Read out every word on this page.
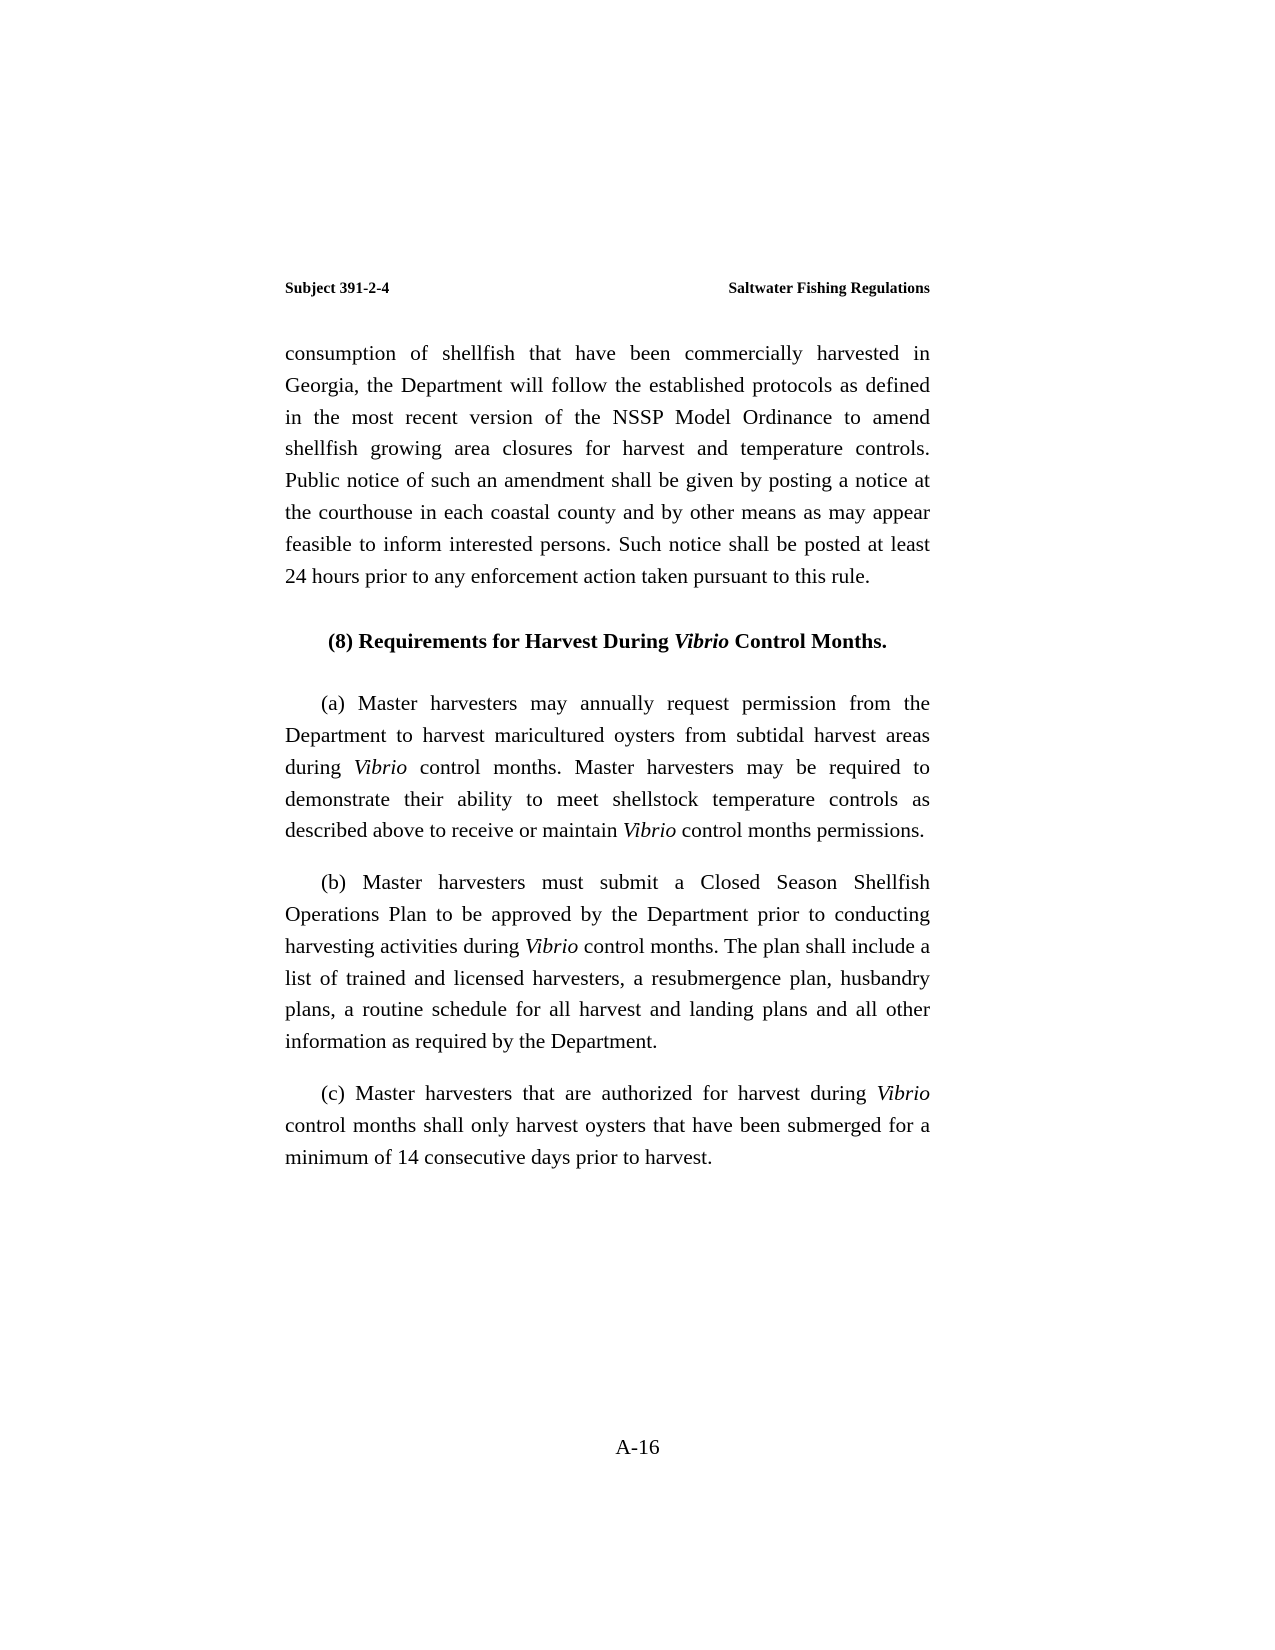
Subject 391-2-4	Saltwater Fishing Regulations

consumption of shellfish that have been commercially harvested in Georgia, the Department will follow the established protocols as defined in the most recent version of the NSSP Model Ordinance to amend shellfish growing area closures for harvest and temperature controls. Public notice of such an amendment shall be given by posting a notice at the courthouse in each coastal county and by other means as may appear feasible to inform interested persons. Such notice shall be posted at least 24 hours prior to any enforcement action taken pursuant to this rule.

(8) Requirements for Harvest During Vibrio Control Months.

(a) Master harvesters may annually request permission from the Department to harvest maricultured oysters from subtidal harvest areas during Vibrio control months. Master harvesters may be required to demonstrate their ability to meet shellstock temperature controls as described above to receive or maintain Vibrio control months permissions.

(b) Master harvesters must submit a Closed Season Shellfish Operations Plan to be approved by the Department prior to conducting harvesting activities during Vibrio control months. The plan shall include a list of trained and licensed harvesters, a resubmergence plan, husbandry plans, a routine schedule for all harvest and landing plans and all other information as required by the Department.

(c) Master harvesters that are authorized for harvest during Vibrio control months shall only harvest oysters that have been submerged for a minimum of 14 consecutive days prior to harvest.

A-16
